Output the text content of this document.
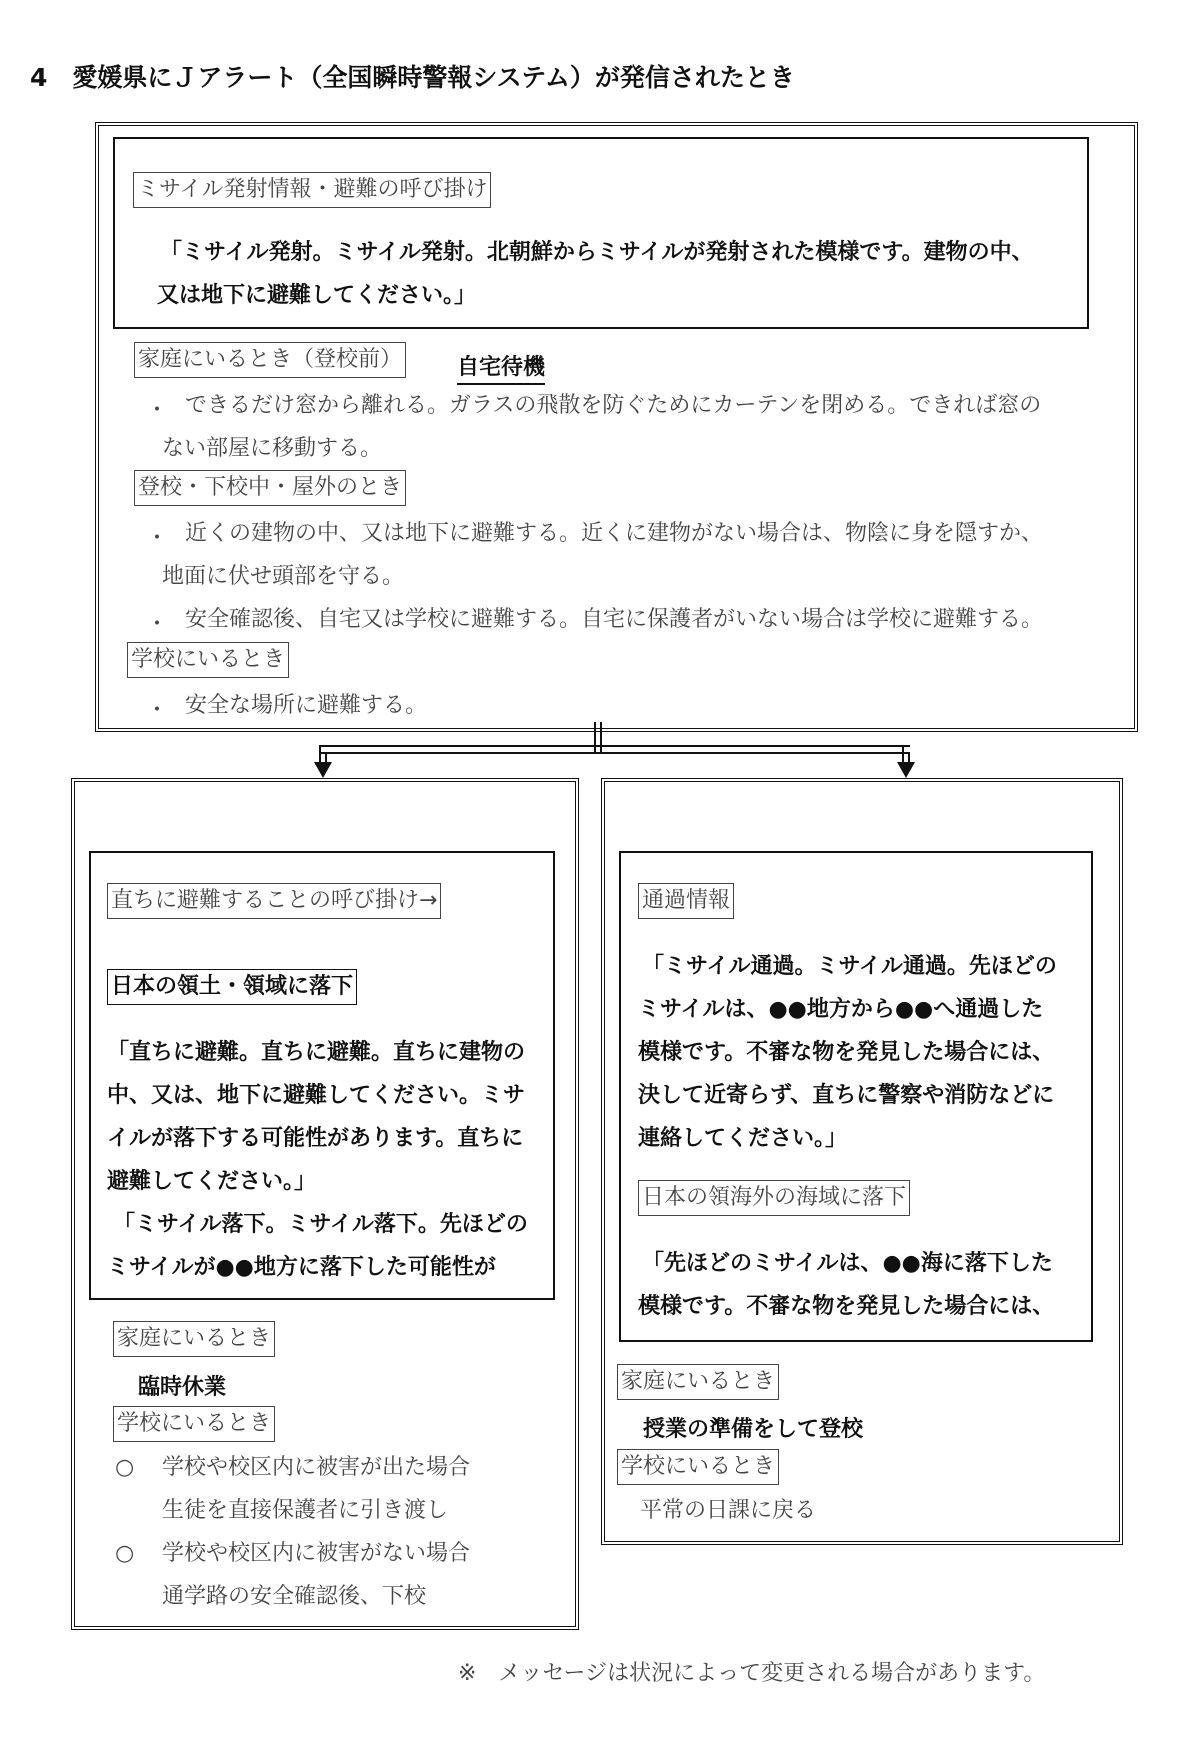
4　愛媛県にＪアラート（全国瞬時警報システム）が発信されたとき
ミサイル発射情報・避難の呼び掛け
「ミサイル発射。ミサイル発射。北朝鮮からミサイルが発射された模様です。建物の中、
又は地下に避難してください。」
家庭にいるとき（登校前） 自宅待機
・ できるだけ窓から離れる。ガラスの飛散を防ぐためにカーテンを閉める。できれば窓の
ない部屋に移動する。
登校・下校中・屋外のとき
・ 近くの建物の中、又は地下に避難する。近くに建物がない場合は、物陰に身を隠すか、
地面に伏せ頭部を守る。
・ 安全確認後、自宅又は学校に避難する。自宅に保護者がいない場合は学校に避難する。
学校にいるとき
・ 安全な場所に避難する。
直ちに避難することの呼び掛け→
日本の領土・領域に落下
「直ちに避難。直ちに避難。直ちに建物の
中、又は、地下に避難してください。ミサ
イルが落下する可能性があります。直ちに
避難してください。」
「ミサイル落下。ミサイル落下。先ほどの
ミサイルが●●地方に落下した可能性が
家庭にいるとき
臨時休業
学校にいるとき
○ 学校や校区内に被害が出た場合
生徒を直接保護者に引き渡し
○ 学校や校区内に被害がない場合
通学路の安全確認後、下校
通過情報
「ミサイル通過。ミサイル通過。先ほどの
ミサイルは、●●地方から●●へ通過した
模様です。不審な物を発見した場合には、
決して近寄らず、直ちに警察や消防などに
連絡してください。」
日本の領海外の海域に落下
「先ほどのミサイルは、●●海に落下した
模様です。不審な物を発見した場合には、
家庭にいるとき
授業の準備をして登校
学校にいるとき
平常の日課に戻る
※　メッセージは状況によって変更される場合があります。
